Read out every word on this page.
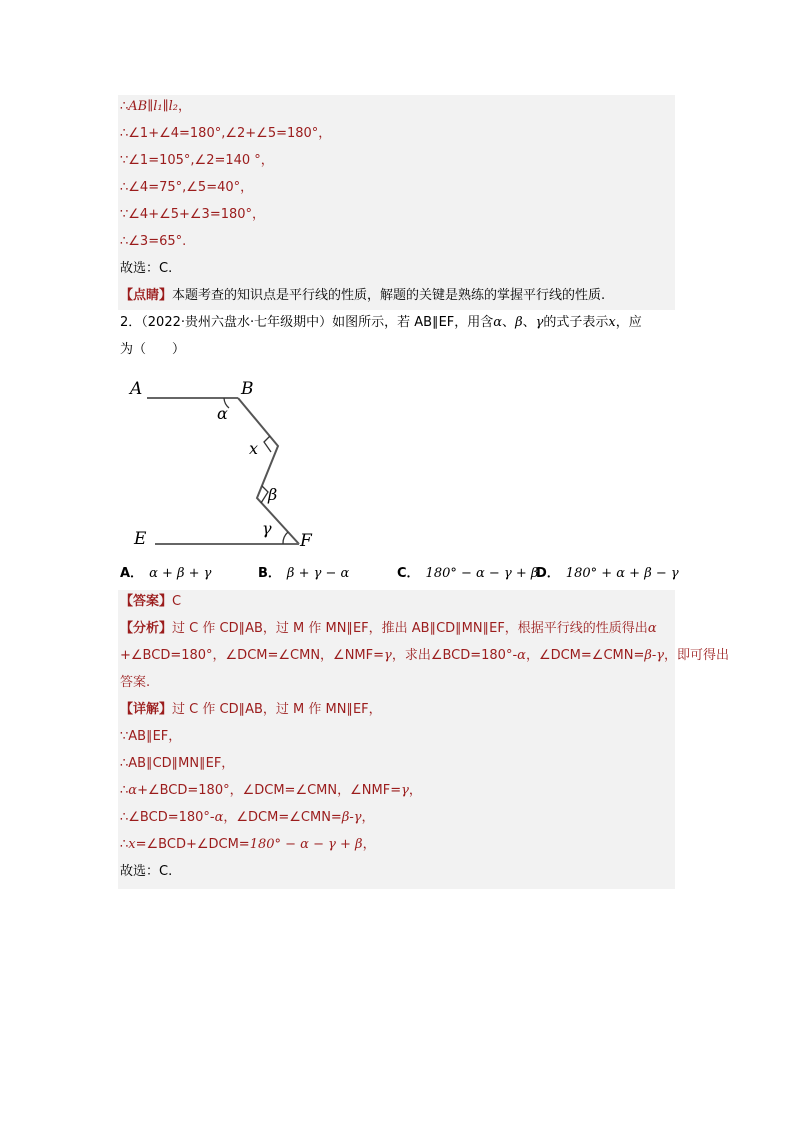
∴AB∥l₁∥l₂，
∴∠1+∠4=180°,∠2+∠5=180°，
∵∠1=105°,∠2=140 °，
∴∠4=75°,∠5=40°，
∵∠4+∠5+∠3=180°，
∴∠3=65°.
故选：C.
【点睛】本题考查的知识点是平行线的性质，解题的关键是熟练的掌握平行线的性质.
2．（2022·贵州六盘水·七年级期中）如图所示，若 AB∥EF，用含α、β、γ的式子表示x，应
为（　　）
A	B
E	F
α
x
β
γ
A． α + β + γ	B． β + γ − α	C． 180° − α − γ + β
D． 180° + α + β − γ
【答案】C
【分析】过 C 作 CD∥AB，过 M 作 MN∥EF，推出 AB∥CD∥MN∥EF，根据平行线的性质得出α
+∠BCD=180°，∠DCM=∠CMN，∠NMF=γ，求出∠BCD=180°-α，∠DCM=∠CMN=β-γ，即可得出
答案.
【详解】过 C 作 CD∥AB，过 M 作 MN∥EF，
∵AB∥EF，
∴AB∥CD∥MN∥EF，
∴α+∠BCD=180°，∠DCM=∠CMN，∠NMF=γ，
∴∠BCD=180°-α，∠DCM=∠CMN=β-γ，
∴x=∠BCD+∠DCM=180° − α − γ + β，
故选：C.
